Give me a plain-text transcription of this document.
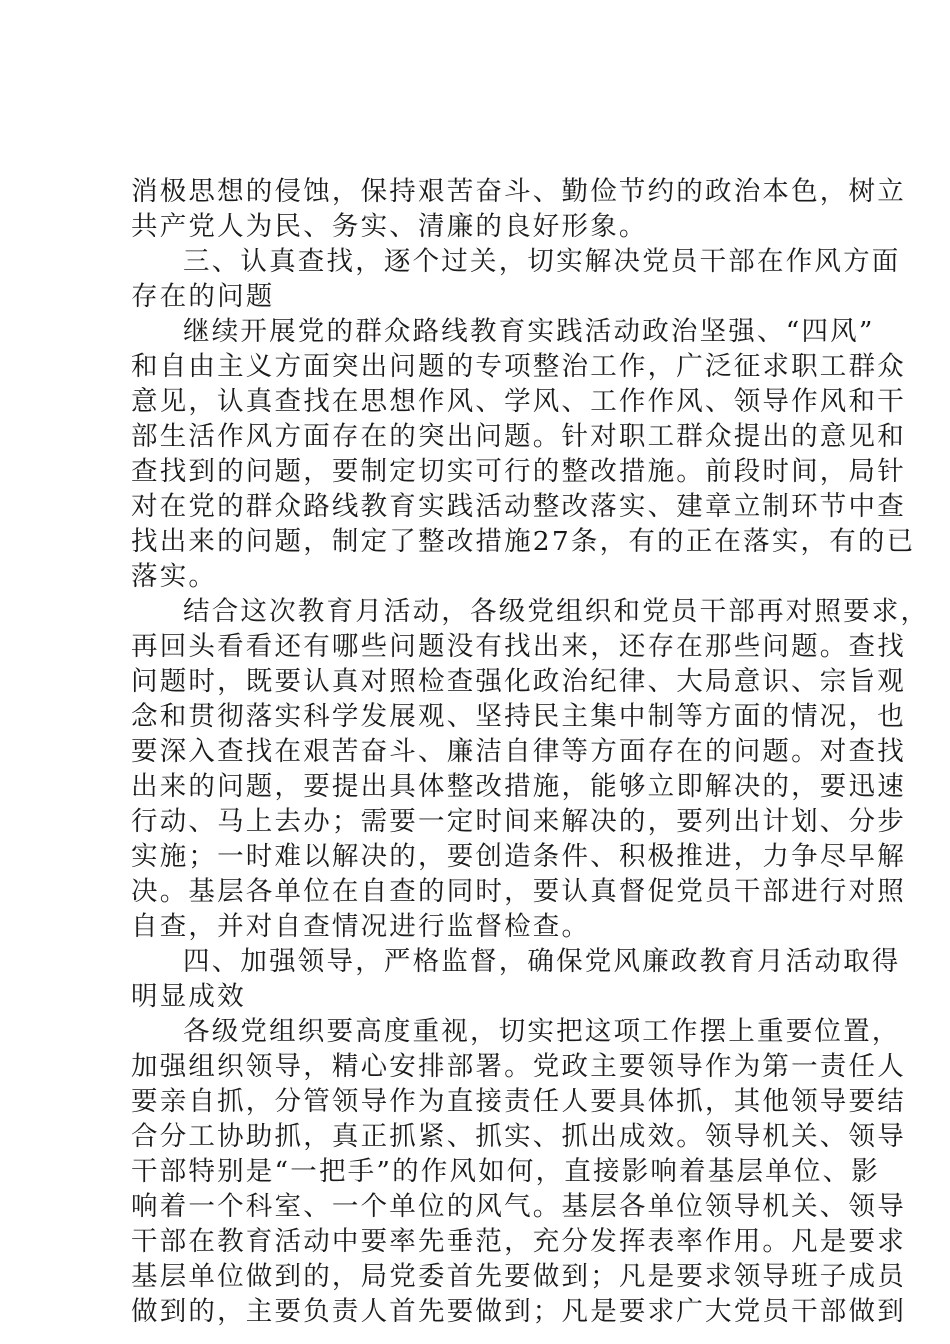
消极思想的侵蚀，保持艰苦奋斗、勤俭节约的政治本色，树立
共产党人为民、务实、清廉的良好形象。
三、认真查找，逐个过关，切实解决党员干部在作风方面
存在的问题
继续开展党的群众路线教育实践活动政治坚强、“四风”
和自由主义方面突出问题的专项整治工作，广泛征求职工群众
意见，认真查找在思想作风、学风、工作作风、领导作风和干
部生活作风方面存在的突出问题。针对职工群众提出的意见和
查找到的问题，要制定切实可行的整改措施。前段时间，局针
对在党的群众路线教育实践活动整改落实、建章立制环节中查
找出来的问题，制定了整改措施27条，有的正在落实，有的已
落实。
结合这次教育月活动，各级党组织和党员干部再对照要求，
再回头看看还有哪些问题没有找出来，还存在那些问题。查找
问题时，既要认真对照检查强化政治纪律、大局意识、宗旨观
念和贯彻落实科学发展观、坚持民主集中制等方面的情况，也
要深入查找在艰苦奋斗、廉洁自律等方面存在的问题。对查找
出来的问题，要提出具体整改措施，能够立即解决的，要迅速
行动、马上去办；需要一定时间来解决的，要列出计划、分步
实施；一时难以解决的，要创造条件、积极推进，力争尽早解
决。基层各单位在自查的同时，要认真督促党员干部进行对照
自查，并对自查情况进行监督检查。
四、加强领导，严格监督，确保党风廉政教育月活动取得
明显成效
各级党组织要高度重视，切实把这项工作摆上重要位置，
加强组织领导，精心安排部署。党政主要领导作为第一责任人
要亲自抓，分管领导作为直接责任人要具体抓，其他领导要结
合分工协助抓，真正抓紧、抓实、抓出成效。领导机关、领导
干部特别是“一把手”的作风如何，直接影响着基层单位、影
响着一个科室、一个单位的风气。基层各单位领导机关、领导
干部在教育活动中要率先垂范，充分发挥表率作用。凡是要求
基层单位做到的，局党委首先要做到；凡是要求领导班子成员
做到的，主要负责人首先要做到；凡是要求广大党员干部做到
